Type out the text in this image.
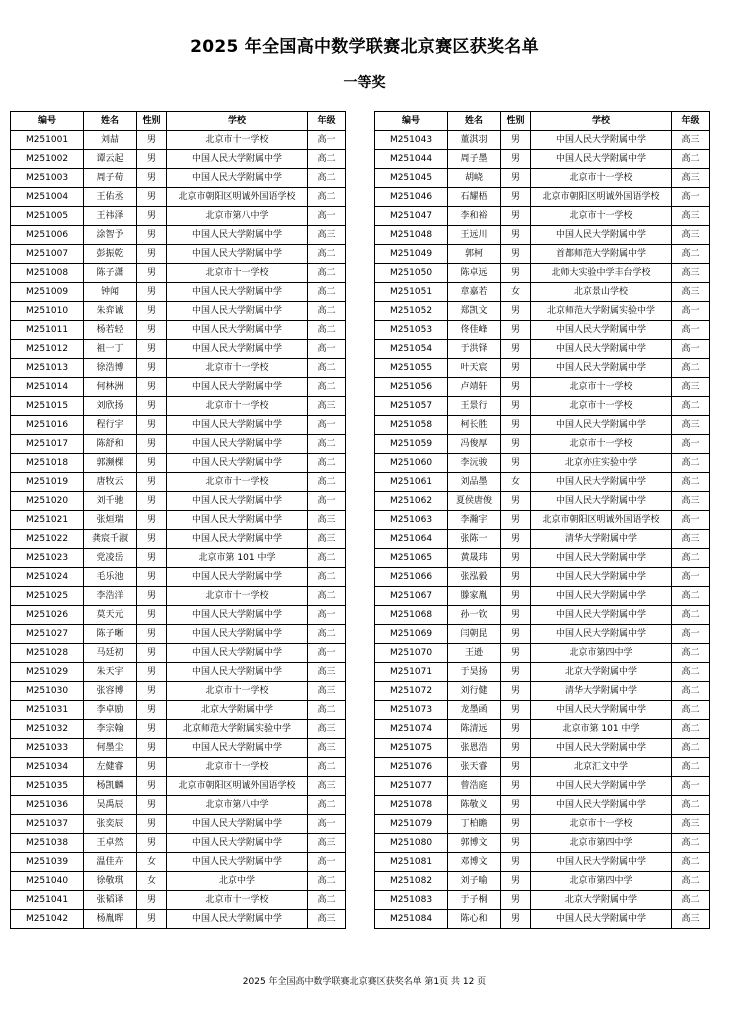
2025 年全国高中数学联赛北京赛区获奖名单
一等奖
编号	姓名	性别	学校	年级
M251001	刘喆	男	北京市十一学校	高一
M251002	谭云起	男	中国人民大学附属中学	高二
M251003	周子荀	男	中国人民大学附属中学	高二
M251004	王佑丞	男	北京市朝阳区明诚外国语学校	高二
M251005	王祎泽	男	北京市第八中学	高一
M251006	涂智予	男	中国人民大学附属中学	高三
M251007	彭振乾	男	中国人民大学附属中学	高二
M251008	陈子潇	男	北京市十一学校	高二
M251009	钟闻	男	中国人民大学附属中学	高二
M251010	朱弈诚	男	中国人民大学附属中学	高二
M251011	杨若轻	男	中国人民大学附属中学	高二
M251012	祖一丁	男	中国人民大学附属中学	高一
M251013	徐浩博	男	北京市十一学校	高二
M251014	何林洲	男	中国人民大学附属中学	高二
M251015	刘欣扬	男	北京市十一学校	高三
M251016	程行宇	男	中国人民大学附属中学	高一
M251017	陈舒和	男	中国人民大学附属中学	高二
M251018	郭濒棵	男	中国人民大学附属中学	高二
M251019	唐牧云	男	北京市十一学校	高二
M251020	刘千驰	男	中国人民大学附属中学	高一
M251021	张烜瑞	男	中国人民大学附属中学	高三
M251022	龚宸千淑	男	中国人民大学附属中学	高三
M251023	党凌岳	男	北京市第 101 中学	高二
M251024	毛乐池	男	中国人民大学附属中学	高二
M251025	李浩洋	男	北京市十一学校	高二
M251026	莫天元	男	中国人民大学附属中学	高一
M251027	陈子晰	男	中国人民大学附属中学	高二
M251028	马廷初	男	中国人民大学附属中学	高一
M251029	朱天宇	男	中国人民大学附属中学	高三
M251030	张容博	男	北京市十一学校	高三
M251031	李卓励	男	北京大学附属中学	高二
M251032	李宗翰	男	北京师范大学附属实验中学	高三
M251033	何墨尘	男	中国人民大学附属中学	高三
M251034	左健睿	男	北京市十一学校	高二
M251035	杨凯麟	男	北京市朝阳区明诚外国语学校	高三
M251036	吴禹辰	男	北京市第八中学	高二
M251037	张奕辰	男	中国人民大学附属中学	高一
M251038	王卓然	男	中国人民大学附属中学	高三
M251039	温佳卉	女	中国人民大学附属中学	高一
M251040	徐敬琪	女	北京中学	高二
M251041	张韬译	男	北京市十一学校	高二
M251042	杨胤晖	男	中国人民大学附属中学	高三
编号	姓名	性别	学校	年级
M251043	董淇羽	男	中国人民大学附属中学	高三
M251044	周子墨	男	中国人民大学附属中学	高二
M251045	胡峣	男	北京市十一学校	高三
M251046	石耀梧	男	北京市朝阳区明诚外国语学校	高一
M251047	李和裕	男	北京市十一学校	高三
M251048	王远川	男	中国人民大学附属中学	高三
M251049	郭柯	男	首都师范大学附属中学	高二
M251050	陈卓远	男	北师大实验中学丰台学校	高三
M251051	章嘉若	女	北京景山学校	高三
M251052	郑凯文	男	北京师范大学附属实验中学	高一
M251053	佟佳峰	男	中国人民大学附属中学	高一
M251054	于洪铎	男	中国人民大学附属中学	高一
M251055	叶天宸	男	中国人民大学附属中学	高二
M251056	卢靖轩	男	北京市十一学校	高三
M251057	王景行	男	北京市十一学校	高二
M251058	柯长胜	男	中国人民大学附属中学	高三
M251059	冯俊厚	男	北京市十一学校	高一
M251060	李沅骏	男	北京亦庄实验中学	高二
M251061	刘品墨	女	中国人民大学附属中学	高二
M251062	夏侯唐俊	男	中国人民大学附属中学	高三
M251063	李瀚宇	男	北京市朝阳区明诚外国语学校	高一
M251064	张陈一	男	清华大学附属中学	高三
M251065	黄晟玮	男	中国人民大学附属中学	高二
M251066	张泓毅	男	中国人民大学附属中学	高一
M251067	滕家胤	男	中国人民大学附属中学	高二
M251068	孙一钦	男	中国人民大学附属中学	高二
M251069	闫朝昆	男	中国人民大学附属中学	高一
M251070	王逊	男	北京市第四中学	高二
M251071	于昊扬	男	北京大学附属中学	高二
M251072	刘行健	男	清华大学附属中学	高二
M251073	龙墨函	男	中国人民大学附属中学	高二
M251074	陈清远	男	北京市第 101 中学	高二
M251075	张恩浩	男	中国人民大学附属中学	高二
M251076	张天睿	男	北京汇文中学	高二
M251077	曾浩庭	男	中国人民大学附属中学	高一
M251078	陈敬义	男	中国人民大学附属中学	高二
M251079	丁柏瞻	男	北京市十一学校	高三
M251080	郭博文	男	北京市第四中学	高二
M251081	邓博文	男	中国人民大学附属中学	高二
M251082	刘子喻	男	北京市第四中学	高二
M251083	于子桐	男	北京大学附属中学	高二
M251084	陈心和	男	中国人民大学附属中学	高三
2025 年全国高中数学联赛北京赛区获奖名单 第1页 共 12 页
